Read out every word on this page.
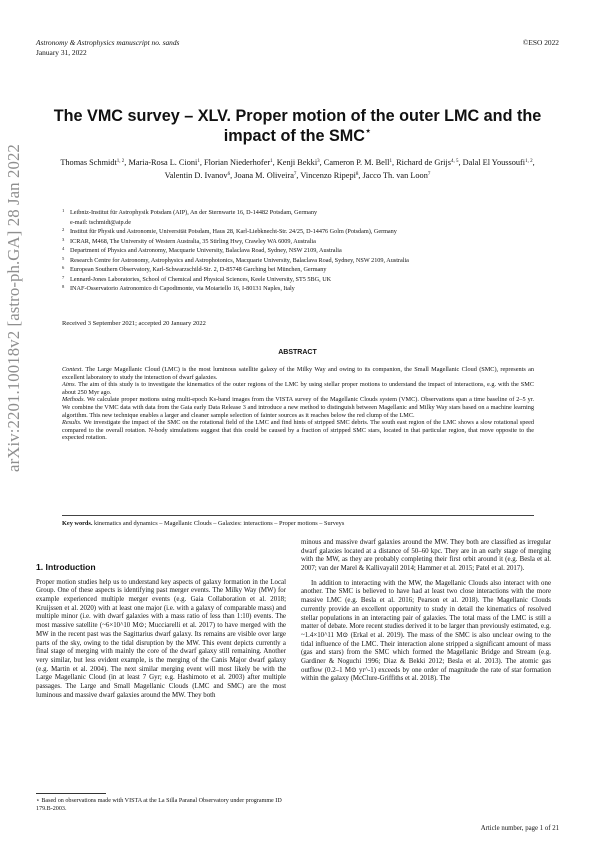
arXiv:2201.10018v2 [astro-ph.GA] 28 Jan 2022
Astronomy & Astrophysics manuscript no. sands
January 31, 2022
©ESO 2022
The VMC survey – XLV. Proper motion of the outer LMC and the impact of the SMC⋆
Thomas Schmidt$^{1, 2}$, Maria-Rosa L. Cioni$^1$, Florian Niederhofer$^1$, Kenji Bekki$^3$, Cameron P. M. Bell$^1$, Richard de Grijs$^{4, 5}$, Dalal El Youssoufi$^{1, 2}$, Valentin D. Ivanov$^6$, Joana M. Oliveira$^7$, Vincenzo Ripepi$^8$, Jacco Th. van Loon$^7$
1 Leibniz-Institut für Astrophysik Potsdam (AIP), An der Sternwarte 16, D-14482 Potsdam, Germany
e-mail: tschmidt@aip.de
2 Institut für Physik und Astronomie, Universität Potsdam, Haus 28, Karl-Liebknecht-Str. 24/25, D-14476 Golm (Potsdam), Germany
3 ICRAR, M468, The University of Western Australia, 35 Stirling Hwy, Crawley WA 6009, Australia
4 Department of Physics and Astronomy, Macquarie University, Balaclava Road, Sydney, NSW 2109, Australia
5 Research Centre for Astronomy, Astrophysics and Astrophotonics, Macquarie University, Balaclava Road, Sydney, NSW 2109, Australia
6 European Southern Observatory, Karl-Schwarzschild-Str. 2, D-85748 Garching bei München, Germany
7 Lennard-Jones Laboratories, School of Chemical and Physical Sciences, Keele University, ST5 5BG, UK
8 INAF-Osservatorio Astronomico di Capodimonte, via Moiariello 16, I-80131 Naples, Italy
Received 3 September 2021; accepted 20 January 2022
ABSTRACT

Context. The Large Magellanic Cloud (LMC) is the most luminous satellite galaxy of the Milky Way and owing to its companion, the Small Magellanic Cloud (SMC), represents an excellent laboratory to study the interaction of dwarf galaxies.

Aims. The aim of this study is to investigate the kinematics of the outer regions of the LMC by using stellar proper motions to understand the impact of interactions, e.g. with the SMC about 250 Myr ago.

Methods. We calculate proper motions using multi-epoch Ks-band images from the VISTA survey of the Magellanic Clouds system (VMC). Observations span a time baseline of 2–5 yr. We combine the VMC data with data from the Gaia early Data Release 3 and introduce a new method to distinguish between Magellanic and Milky Way stars based on a machine learning algorithm. This new technique enables a larger and cleaner sample selection of fainter sources as it reaches below the red clump of the LMC.

Results. We investigate the impact of the SMC on the rotational field of the LMC and find hints of stripped SMC debris. The south east region of the LMC shows a slow rotational speed compared to the overall rotation. N-body simulations suggest that this could be caused by a fraction of stripped SMC stars, located in that particular region, that move opposite to the expected rotation.

Key words. kinematics and dynamics – Magellanic Clouds – Galaxies: interactions – Proper motions – Surveys
1. Introduction

Proper motion studies help us to understand key aspects of galaxy formation in the Local Group. One of these aspects is identifying past merger events. The Milky Way (MW) for example experienced multiple merger events (e.g. Gaia Collaboration et al. 2018; Kruijssen et al. 2020) with at least one major (i.e. with a galaxy of comparable mass) and multiple minor (i.e. with dwarf galaxies with a mass ratio of less than 1:10) events. The most massive satellite (~6×10^10 M⊙; Mucciarelli et al. 2017) to have merged with the MW in the recent past was the Sagittarius dwarf galaxy. Its remains are visible over large parts of the sky, owing to the tidal disruption by the MW. This event depicts currently a final stage of merging with mainly the core of the dwarf galaxy still remaining. Another very similar, but less evident example, is the merging of the Canis Major dwarf galaxy (e.g. Martin et al. 2004). The next similar merging event will most likely be with the Large Magellanic Cloud (in at least 7 Gyr; e.g. Hashimoto et al. 2003) after multiple passages. The Large and Small Magellanic Clouds (LMC and SMC) are the most luminous and massive dwarf galaxies around the MW. They both

minous and massive dwarf galaxies around the MW. They both are classified as irregular dwarf galaxies located at a distance of 50–60 kpc. They are in an early stage of merging with the MW, as they are probably completing their first orbit around it (e.g. Besla et al. 2007; van der Marel & Kallivayalil 2014; Hammer et al. 2015; Patel et al. 2017).

In addition to interacting with the MW, the Magellanic Clouds also interact with one another. The SMC is believed to have had at least two close interactions with the more massive LMC (e.g. Besla et al. 2016; Pearson et al. 2018). The Magellanic Clouds currently provide an excellent opportunity to study in detail the kinematics of resolved stellar populations in an interacting pair of galaxies. The total mass of the LMC is still a matter of debate. More recent studies derived it to be larger than previously estimated, e.g. ~1.4×10^11 M⊙ (Erkal et al. 2019). The mass of the SMC is also unclear owing to the tidal influence of the LMC. Their interaction alone stripped a significant amount of mass (gas and stars) from the SMC which formed the Magellanic Bridge and Stream (e.g. Gardiner & Noguchi 1996; Diaz & Bekki 2012; Besla et al. 2013). The atomic gas outflow (0.2–1 M⊙ yr^-1) exceeds by one order of magnitude the rate of star formation within the galaxy (McClure-Griffiths et al. 2018). The

⋆ Based on observations made with VISTA at the La Silla Paranal Observatory under programme ID 179.B-2003.
Article number, page 1 of 21
